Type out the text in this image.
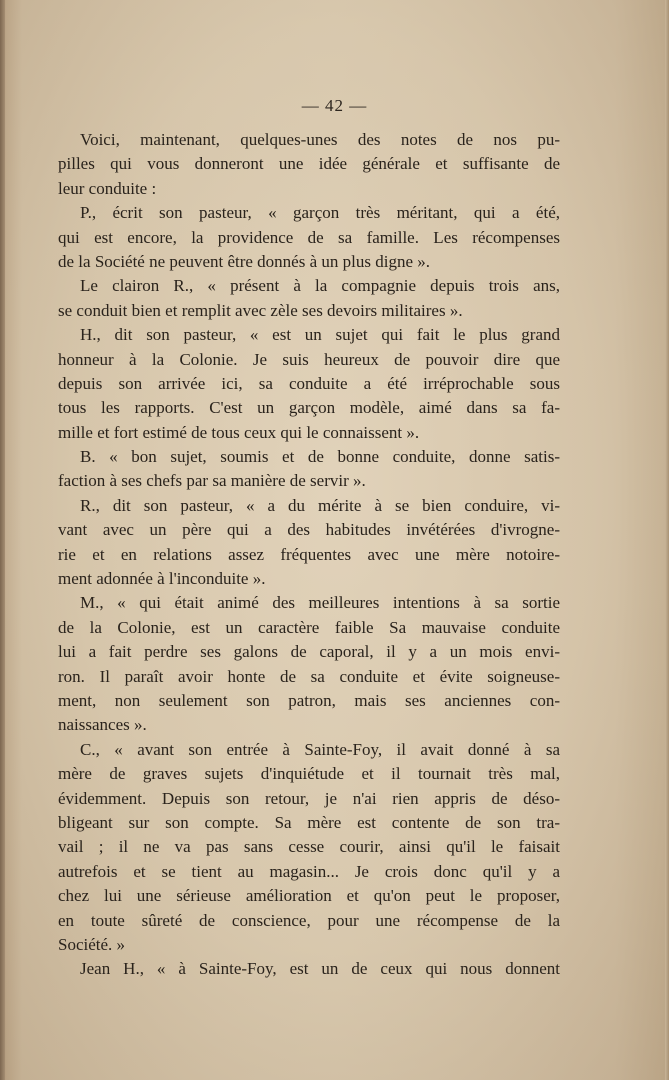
— 42 —
Voici, maintenant, quelques-unes des notes de nos pu-
pilles qui vous donneront une idée générale et suffisante de
leur conduite :
P., écrit son pasteur, « garçon très méritant, qui a été,
qui est encore, la providence de sa famille. Les récompenses
de la Société ne peuvent être donnés à un plus digne ».
Le clairon R., « présent à la compagnie depuis trois ans,
se conduit bien et remplit avec zèle ses devoirs militaires ».
H., dit son pasteur, « est un sujet qui fait le plus grand
honneur à la Colonie. Je suis heureux de pouvoir dire que
depuis son arrivée ici, sa conduite a été irréprochable sous
tous les rapports. C'est un garçon modèle, aimé dans sa fa-
mille et fort estimé de tous ceux qui le connaissent ».
B. « bon sujet, soumis et de bonne conduite, donne satis-
faction à ses chefs par sa manière de servir ».
R., dit son pasteur, « a du mérite à se bien conduire, vi-
vant avec un père qui a des habitudes invétérées d'ivrogne-
rie et en relations assez fréquentes avec une mère notoire-
ment adonnée à l'inconduite ».
M., « qui était animé des meilleures intentions à sa sortie
de la Colonie, est un caractère faible Sa mauvaise conduite
lui a fait perdre ses galons de caporal, il y a un mois envi-
ron. Il paraît avoir honte de sa conduite et évite soigneuse-
ment, non seulement son patron, mais ses anciennes con-
naissances ».
C., « avant son entrée à Sainte-Foy, il avait donné à sa
mère de graves sujets d'inquiétude et il tournait très mal,
évidemment. Depuis son retour, je n'ai rien appris de déso-
bligeant sur son compte. Sa mère est contente de son tra-
vail ; il ne va pas sans cesse courir, ainsi qu'il le faisait
autrefois et se tient au magasin... Je crois donc qu'il y a
chez lui une sérieuse amélioration et qu'on peut le proposer,
en toute sûreté de conscience, pour une récompense de la
Société. »
Jean H., « à Sainte-Foy, est un de ceux qui nous donnent
